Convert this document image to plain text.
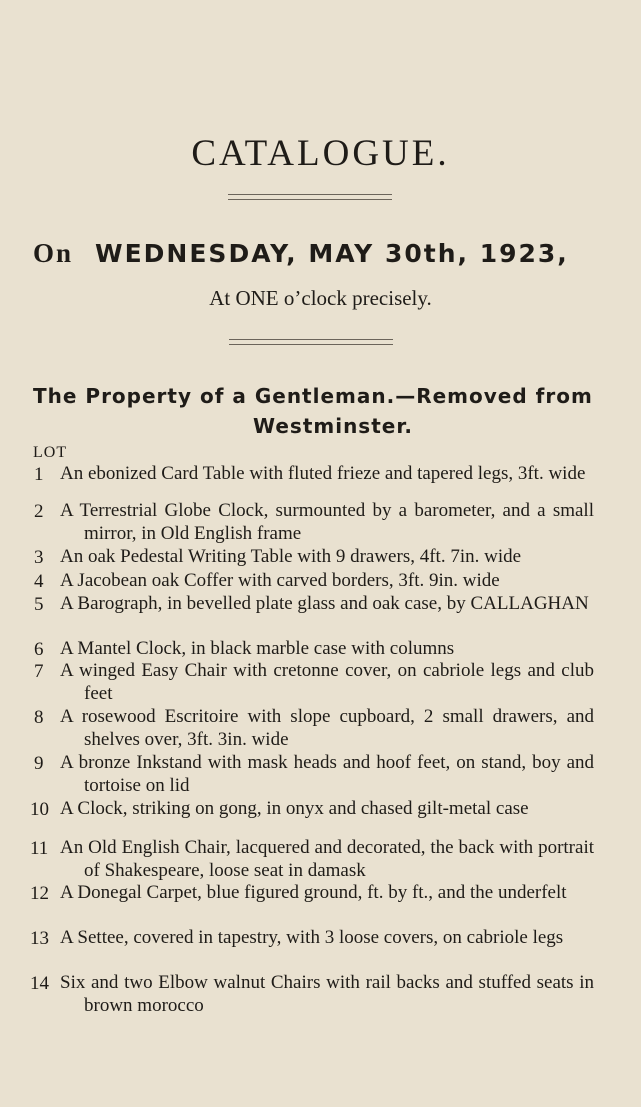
CATALOGUE.
On WEDNESDAY, MAY 30th, 1923,
At ONE o’clock precisely.
The Property of a Gentleman.—Removed from
Westminster.
LOT
1 An ebonized Card Table with fluted frieze and tapered legs, 3ft. wide
2 A Terrestrial Globe Clock, surmounted by a barometer, and a small mirror, in Old English frame
3 An oak Pedestal Writing Table with 9 drawers, 4ft. 7in. wide
4 A Jacobean oak Coffer with carved borders, 3ft. 9in. wide
5 A Barograph, in bevelled plate glass and oak case, by CALLAGHAN
6 A Mantel Clock, in black marble case with columns
7 A winged Easy Chair with cretonne cover, on cabriole legs and club feet
8 A rosewood Escritoire with slope cupboard, 2 small drawers, and shelves over, 3ft. 3in. wide
9 A bronze Inkstand with mask heads and hoof feet, on stand, boy and tortoise on lid
10 A Clock, striking on gong, in onyx and chased gilt-metal case
11 An Old English Chair, lacquered and decorated, the back with portrait of Shakespeare, loose seat in damask
12 A Donegal Carpet, blue figured ground, ft. by ft., and the underfelt
13 A Settee, covered in tapestry, with 3 loose covers, on cabriole legs
14 Six and two Elbow walnut Chairs with rail backs and stuffed seats in brown morocco
